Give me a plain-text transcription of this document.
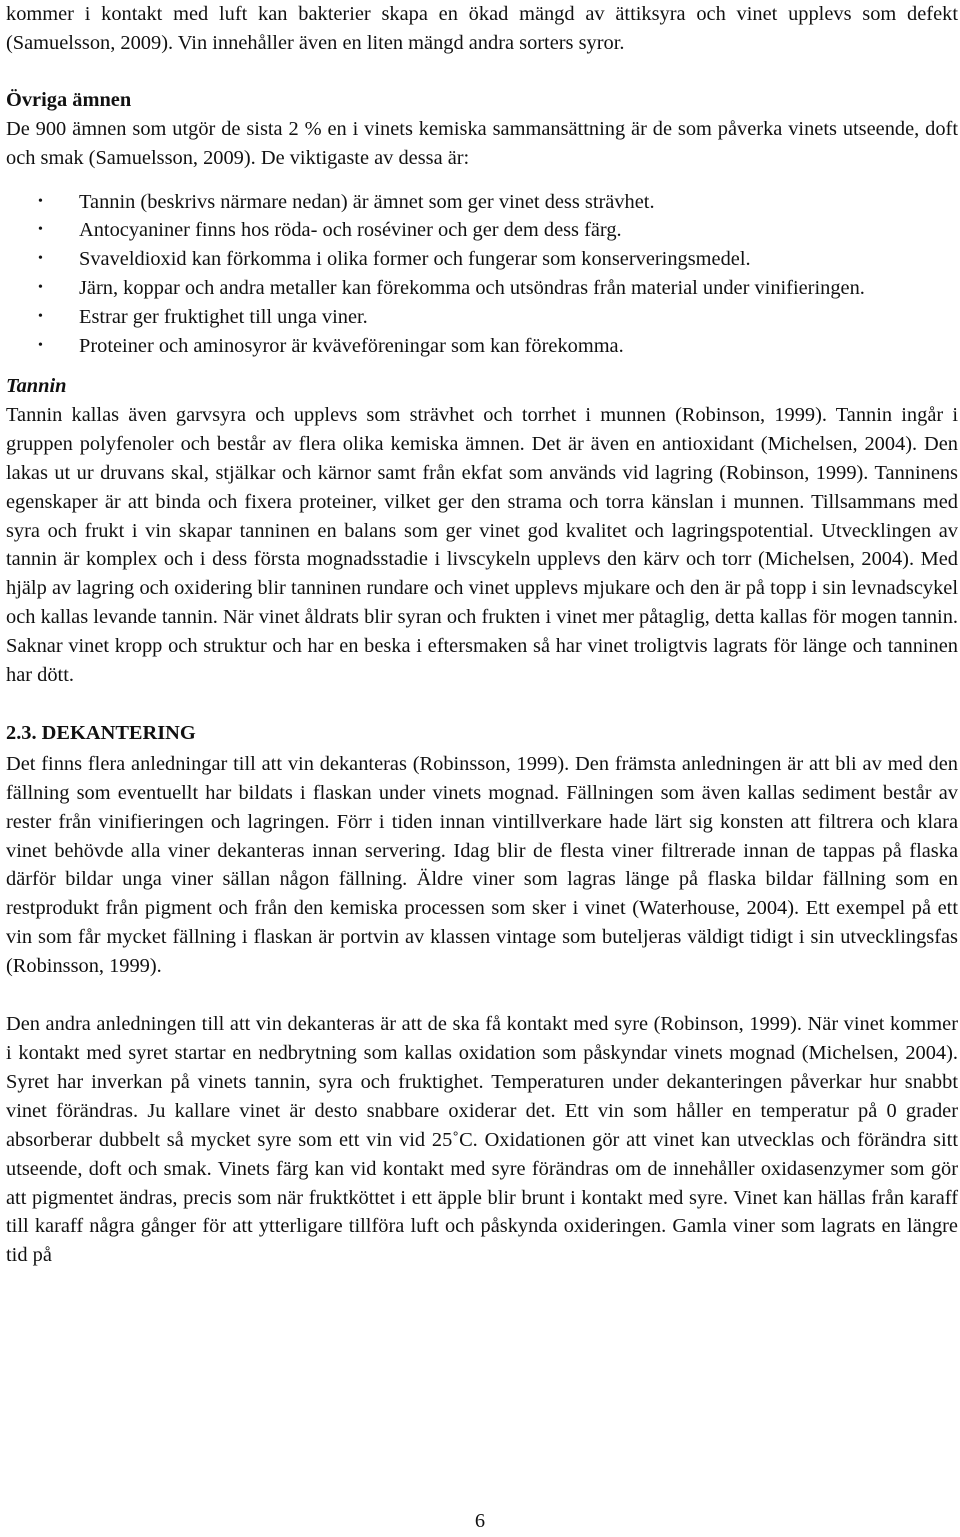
kommer i kontakt med luft kan bakterier skapa en ökad mängd av ättiksyra och vinet upplevs som defekt (Samuelsson, 2009). Vin innehåller även en liten mängd andra sorters syror.

Övriga ämnen

De 900 ämnen som utgör de sista 2 % en i vinets kemiska sammansättning är de som påverka vinets utseende, doft och smak (Samuelsson, 2009). De viktigaste av dessa är:

• Tannin (beskrivs närmare nedan) är ämnet som ger vinet dess strävhet.
• Antocyaniner finns hos röda- och roséviner och ger dem dess färg.
• Svaveldioxid kan förkomma i olika former och fungerar som konserveringsmedel.
• Järn, koppar och andra metaller kan förekomma och utsöndras från material under vinifieringen.
• Estrar ger fruktighet till unga viner.
• Proteiner och aminosyror är kväveföreningar som kan förekomma.

Tannin

Tannin kallas även garvsyra och upplevs som strävhet och torrhet i munnen (Robinson, 1999). Tannin ingår i gruppen polyfenoler och består av flera olika kemiska ämnen. Det är även en antioxidant (Michelsen, 2004). Den lakas ut ur druvans skal, stjälkar och kärnor samt från ekfat som används vid lagring (Robinson, 1999). Tanninens egenskaper är att binda och fixera proteiner, vilket ger den strama och torra känslan i munnen. Tillsammans med syra och frukt i vin skapar tanninen en balans som ger vinet god kvalitet och lagringspotential. Utvecklingen av tannin är komplex och i dess första mognadsstadie i livscykeln upplevs den kärv och torr (Michelsen, 2004). Med hjälp av lagring och oxidering blir tanninen rundare och vinet upplevs mjukare och den är på topp i sin levnadscykel och kallas levande tannin. När vinet åldrats blir syran och frukten i vinet mer påtaglig, detta kallas för mogen tannin. Saknar vinet kropp och struktur och har en beska i eftersmaken så har vinet troligtvis lagrats för länge och tanninen har dött.

2.3. DEKANTERING

Det finns flera anledningar till att vin dekanteras (Robinsson, 1999). Den främsta anledningen är att bli av med den fällning som eventuellt har bildats i flaskan under vinets mognad. Fällningen som även kallas sediment består av rester från vinifieringen och lagringen. Förr i tiden innan vintillverkare hade lärt sig konsten att filtrera och klara vinet behövde alla viner dekanteras innan servering. Idag blir de flesta viner filtrerade innan de tappas på flaska därför bildar unga viner sällan någon fällning. Äldre viner som lagras länge på flaska bildar fällning som en restprodukt från pigment och från den kemiska processen som sker i vinet (Waterhouse, 2004). Ett exempel på ett vin som får mycket fällning i flaskan är portvin av klassen vintage som buteljeras väldigt tidigt i sin utvecklingsfas (Robinsson, 1999).

Den andra anledningen till att vin dekanteras är att de ska få kontakt med syre (Robinson, 1999). När vinet kommer i kontakt med syret startar en nedbrytning som kallas oxidation som påskyndar vinets mognad (Michelsen, 2004). Syret har inverkan på vinets tannin, syra och fruktighet. Temperaturen under dekanteringen påverkar hur snabbt vinet förändras. Ju kallare vinet är desto snabbare oxiderar det. Ett vin som håller en temperatur på 0 grader absorberar dubbelt så mycket syre som ett vin vid 25˚C. Oxidationen gör att vinet kan utvecklas och förändra sitt utseende, doft och smak. Vinets färg kan vid kontakt med syre förändras om de innehåller oxidasenzymer som gör att pigmentet ändras, precis som när fruktköttet i ett äpple blir brunt i kontakt med syre. Vinet kan hällas från karaff till karaff några gånger för att ytterligare tillföra luft och påskynda oxideringen. Gamla viner som lagrats en längre tid på

6
